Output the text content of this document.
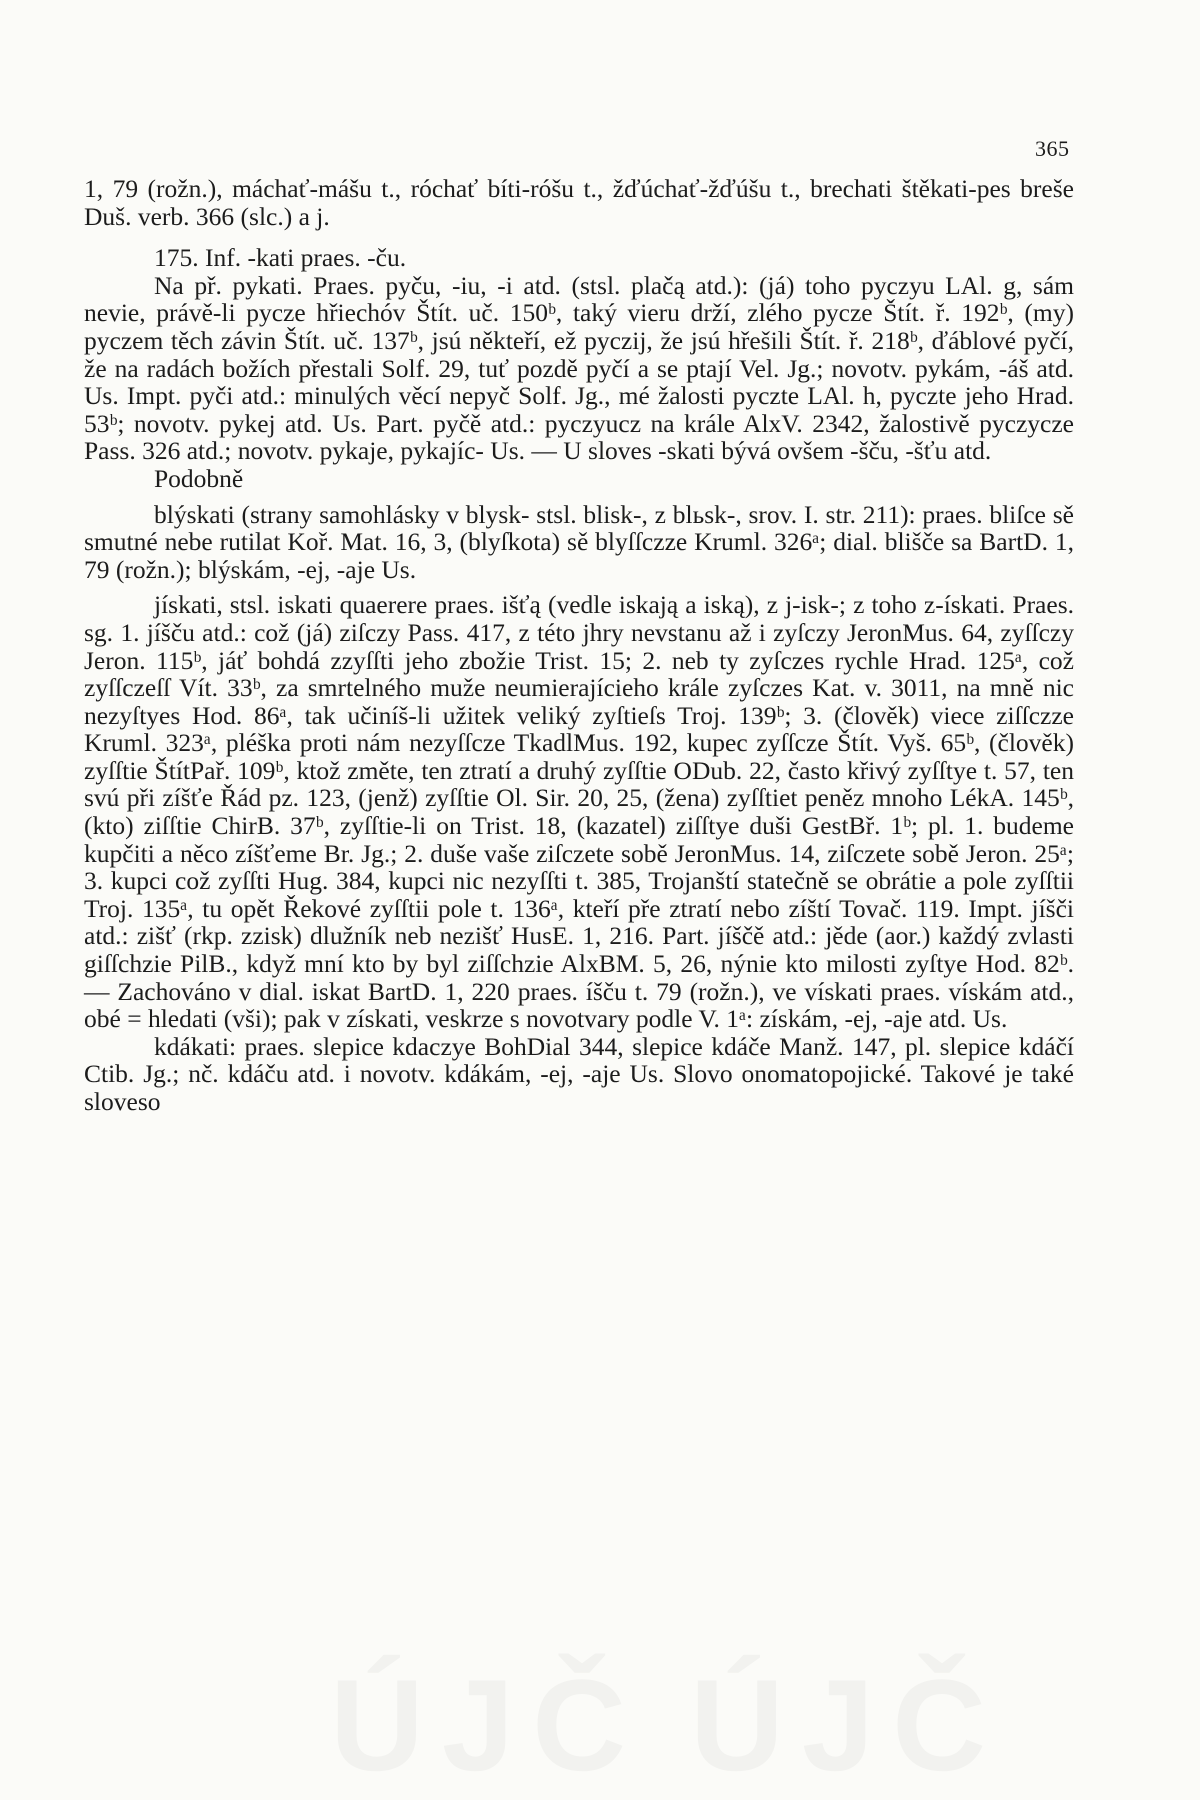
365

1, 79 (rožn.), máchať-mášu t., róchať bíti-róšu t., žďúchať-žďúšu t., brechati štěkati-pes breše Duš. verb. 366 (slc.) a j.

175. Inf. -kati praes. -ču.

Na př. pykati. Praes. pyču, -iu, -i atd. (stsl. plačą atd.): (já) toho pyczyu LAl. g, sám nevie, právě-li pycze hřiechóv Štít. uč. 150ᵇ, taký vieru drží, zlého pycze Štít. ř. 192ᵇ, (my) pyczem těch závin Štít. uč. 137ᵇ, jsú někteří, ež pyczij, že jsú hřešili Štít. ř. 218ᵇ, ďáblové pyčí, že na radách božích přestali Solf. 29, tuť pozdě pyčí a se ptají Vel. Jg.; novotv. pykám, -áš atd. Us. Impt. pyči atd.: minulých věcí nepyč Solf. Jg., mé žalosti pyczte LAl. h, pyczte jeho Hrad. 53ᵇ; novotv. pykej atd. Us. Part. pyčě atd.: pyczyucz na krále AlxV. 2342, žalostivě pyczycze Pass. 326 atd.; novotv. pykaje, pykajíc- Us. — U sloves -skati bývá ovšem -šču, -šťu atd.

Podobně

blýskati (strany samohlásky v blysk- stsl. blisk-, z blьsk-, srov. I. str. 211): praes. bliſce sě smutné nebe rutilat Koř. Mat. 16, 3, (blyſkota) sě blyſſczze Kruml. 326ᵃ; dial. blišče sa BartD. 1, 79 (rožn.); blýskám, -ej, -aje Us.

jískati, stsl. iskati quaerere praes. išťą (vedle iskają a iską), z j-isk-; z toho z-ískati. Praes. sg. 1. jíšču atd.: což (já) ziſczy Pass. 417, z této jhry nevstanu až i zyſczy JeronMus. 64, zyſſczy Jeron. 115ᵇ, jáť bohdá zzyſſti jeho zbožie Trist. 15; 2. neb ty zyſczes rychle Hrad. 125ᵃ, což zyſſczeſſ Vít. 33ᵇ, za smrtelného muže neumierajícieho krále zyſczes Kat. v. 3011, na mně nic nezyſtyes Hod. 86ᵃ, tak učiníš-li užitek veliký zyſtieſs Troj. 139ᵇ; 3. (člověk) viece ziſſczze Kruml. 323ᵃ, pléška proti nám nezyſſcze TkadlMus. 192, kupec zyſſcze Štít. Vyš. 65ᵇ, (člověk) zyſſtie ŠtítPař. 109ᵇ, ktož změte, ten ztratí a druhý zyſſtie ODub. 22, často křivý zyſſtye t. 57, ten svú při zíšťe Řád pz. 123, (jenž) zyſſtie Ol. Sir. 20, 25, (žena) zyſſtiet peněz mnoho LékA. 145ᵇ, (kto) ziſſtie ChirB. 37ᵇ, zyſſtie-li on Trist. 18, (kazatel) ziſſtye duši GestBř. 1ᵇ; pl. 1. budeme kupčiti a něco zíšťeme Br. Jg.; 2. duše vaše ziſczete sobě JeronMus. 14, ziſczete sobě Jeron. 25ᵃ; 3. kupci což zyſſti Hug. 384, kupci nic nezyſſti t. 385, Trojanští statečně se obrátie a pole zyſſtii Troj. 135ᵃ, tu opět Řekové zyſſtii pole t. 136ᵃ, kteří pře ztratí nebo zíští Tovač. 119. Impt. jíšči atd.: zišť (rkp. zzisk) dlužník neb nezišť HusE. 1, 216. Part. jíščě atd.: jěde (aor.) každý zvlasti giſſchzie PilB., když mní kto by byl ziſſchzie AlxBM. 5, 26, nýnie kto milosti zyſtye Hod. 82ᵇ. — Zachováno v dial. iskat BartD. 1, 220 praes. íšču t. 79 (rožn.), ve vískati praes. vískám atd., obé = hledati (vši); pak v získati, veskrze s novotvary podle V. 1ᵃ: získám, -ej, -aje atd. Us.

kdákati: praes. slepice kdaczye BohDial 344, slepice kdáče Manž. 147, pl. slepice kdáčí Ctib. Jg.; nč. kdáču atd. i novotv. kdákám, -ej, -aje Us. Slovo onomatopojické. Takové je také sloveso
